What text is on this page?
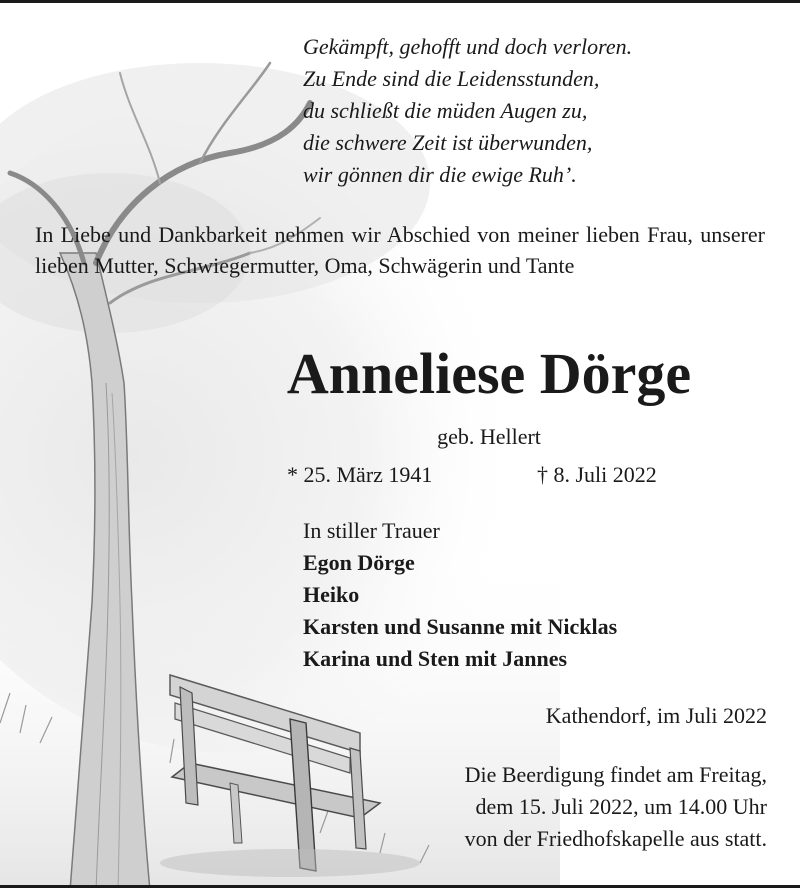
Gekämpft, gehofft und doch verloren.
Zu Ende sind die Leidensstunden,
du schließt die müden Augen zu,
die schwere Zeit ist überwunden,
wir gönnen dir die ewige Ruh’.
In Liebe und Dankbarkeit nehmen wir Abschied von meiner lieben Frau, unserer lieben Mutter, Schwiegermutter, Oma, Schwägerin und Tante
Anneliese Dörge
geb. Hellert
* 25. März 1941	† 8. Juli 2022
In stiller Trauer
Egon Dörge
Heiko
Karsten und Susanne mit Nicklas
Karina und Sten mit Jannes
Kathendorf, im Juli 2022
Die Beerdigung findet am Freitag,
dem 15. Juli 2022, um 14.00 Uhr
von der Friedhofskapelle aus statt.
